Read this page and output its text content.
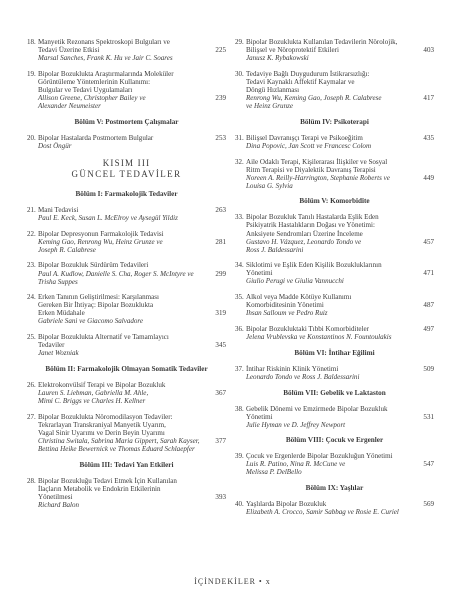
18. Manyetik Rezonans Spektroskopi Bulguları ve
Tedavi Üzerine Etkisi
Marsal Sanches, Frank K. Hu ve Jair C. Soares
225
19. Bipolar Bozuklukta Araştırmalarında Moleküler
Görüntüleme Yöntemlerinin Kullanımı:
Bulgular ve Tedavi Uygulamaları
Allison Greene, Christopher Bailey ve
Alexander Neumeister
239
Bölüm V: Postmortem Çalışmalar
20. Bipolar Hastalarda Postmortem Bulgular
Dost Öngür
253
KISIM III
GÜNCEL TEDAVİLER
Bölüm I: Farmakolojik Tedaviler
21. Mani Tedavisi
Paul E. Keck, Susan L. McElroy ve Aysegül Yildiz
263
22. Bipolar Depresyonun Farmakolojik Tedavisi
Keming Gao, Renrong Wu, Heinz Grunze ve
Joseph R. Calabrese
281
23. Bipolar Bozukluk Sürdürüm Tedavileri
Paul A. Kudlow, Danielle S. Cha, Roger S. McIntyre ve
Trisha Suppes
299
24. Erken Tanının Geliştirilmesi: Karşılanması
Gereken Bir İhtiyaç: Bipolar Bozuklukta
Erken Müdahale
Gabriele Sani ve Giacomo Salvadore
319
25. Bipolar Bozuklukta Alternatif ve Tamamlayıcı
Tedaviler
Janet Wozniak
345
Bölüm II: Farmakolojik Olmayan Somatik Tedaviler
26. Elektrokonvülsif Terapi ve Bipolar Bozukluk
Lauren S. Liebman, Gabriella M. Ahle,
Mimi C. Briggs ve Charles H. Kellner
367
27. Bipolar Bozuklukta Nöromodilasyon Tedaviler:
Tekrarlayan Transkraniyal Manyetik Uyarım,
Vagal Sinir Uyarımı ve Derin Beyin Uyarımı
Christina Switala, Sabrina Maria Gippert, Sarah Kayser,
Bettina Heike Bewernick ve Thomas Eduard Schlaepfer
377
Bölüm III: Tedavi Yan Etkileri
28. Bipolar Bozukluğu Tedavi Etmek İçin Kullanılan
İlaçların Metabolik ve Endokrin Etkilerinin
Yönetilmesi
Richard Balon
393
29. Bipolar Bozuklukta Kullanılan Tedavilerin Nörolojik,
Bilişsel ve Nöroprotektif Etkileri
Janusz K. Rybakowski
403
30. Tedaviye Bağlı Duygudurum İstikrarsızlığı:
Tedavi Kaynaklı Affektif Kaymalar ve
Döngü Hızlanması
Renrong Wu, Keming Gao, Joseph R. Calabrese
ve Heinz Grunze
417
Bölüm IV: Psikoterapi
31. Bilişsel Davranışçı Terapi ve Psikoeğitim
Dina Popovic, Jan Scott ve Francesc Colom
435
32. Aile Odaklı Terapi, Kişilerarası İlişkiler ve Sosyal
Ritm Terapisi ve Diyalektik Davranış Terapisi
Noreen A. Reilly-Harrington, Stephanie Roberts ve
Louisa G. Sylvia
449
Bölüm V: Komorbidite
33. Bipolar Bozukluk Tanılı Hastalarda Eşlik Eden
Psikiyatrik Hastalıkların Doğası ve Yönetimi:
Anksiyete Sendromları Üzerine İnceleme
Gustavo H. Vázquez, Leonardo Tondo ve
Ross J. Baldessarini
457
34. Siklotimi ve Eşlik Eden Kişilik Bozukluklarının
Yönetimi
Giulio Perugi ve Giulia Vannucchi
471
35. Alkol veya Madde Kötüye Kullanımı
Komorbiditesinin Yönetimi
Ihsan Salloum ve Pedro Ruiz
487
36. Bipolar Bozukluktaki Tıbbi Komorbiditeler
Jelena Vrublevska ve Konstantinos N. Fountoulakis
497
Bölüm VI: İntihar Eğilimi
37. İntihar Riskinin Klinik Yönetimi
Leonardo Tondo ve Ross J. Baldessarini
509
Bölüm VII: Gebelik ve Laktaston
38. Gebelik Dönemi ve Emzirmede Bipolar Bozukluk
Yönetimi
Julie Hyman ve D. Jeffrey Newport
531
Bölüm VIII: Çocuk ve Ergenler
39. Çocuk ve Ergenlerde Bipolar Bozukluğun Yönetimi
Luis R. Patino, Nina R. McCune ve
Melissa P. DelBello
547
Bölüm IX: Yaşlılar
40. Yaşlılarda Bipolar Bozukluk
Elizabeth A. Crocco, Samir Sabbag ve Rosie E. Curiel
569
İÇİNDEKİLER • x
